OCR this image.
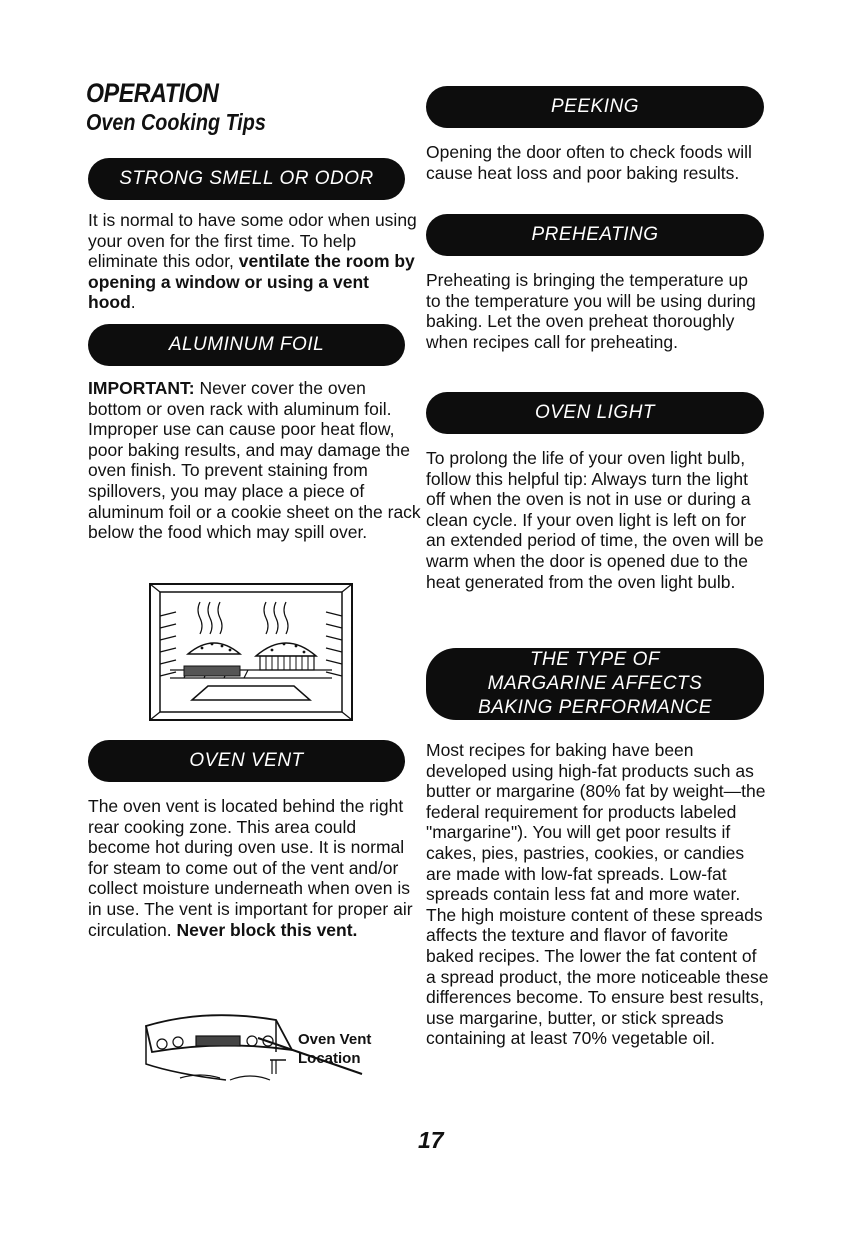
OPERATION
Oven Cooking Tips
STRONG SMELL OR ODOR
It is normal to have some odor when using your oven for the first time. To help eliminate this odor, ventilate the room by opening a window or using a vent hood.
ALUMINUM FOIL
IMPORTANT: Never cover the oven bottom or oven rack with aluminum foil. Improper use can cause poor heat flow, poor baking results, and may damage the oven finish. To prevent staining from spillovers, you may place a piece of aluminum foil or a cookie sheet on the rack below the food which may spill over.
OVEN VENT
The oven vent is located behind the right rear cooking zone. This area could become hot during oven use. It is normal for steam to come out of the vent and/or collect moisture underneath when oven is in use. The vent is important for proper air circulation. Never block this vent.
Oven Vent
Location
PEEKING
Opening the door often to check foods will cause heat loss and poor baking results.
PREHEATING
Preheating is bringing the temperature up to the temperature you will be using during baking. Let the oven preheat thoroughly when recipes call for preheating.
OVEN LIGHT
To prolong the life of your oven light bulb, follow this helpful tip: Always turn the light off when the oven is not in use or during a clean cycle. If your oven light is left on for an extended period of time, the oven will be warm when the door is opened due to the heat generated from the oven light bulb.
THE TYPE OF
MARGARINE AFFECTS
BAKING PERFORMANCE
Most recipes for baking have been developed using high-fat products such as butter or margarine (80% fat by weight—the federal requirement for products labeled "margarine"). You will get poor results if cakes, pies, pastries, cookies, or candies are made with low-fat spreads. Low-fat spreads contain less fat and more water. The high moisture content of these spreads affects the texture and flavor of favorite baked recipes. The lower the fat content of a spread product, the more noticeable these differences become. To ensure best results, use margarine, butter, or stick spreads containing at least 70% vegetable oil.
17
